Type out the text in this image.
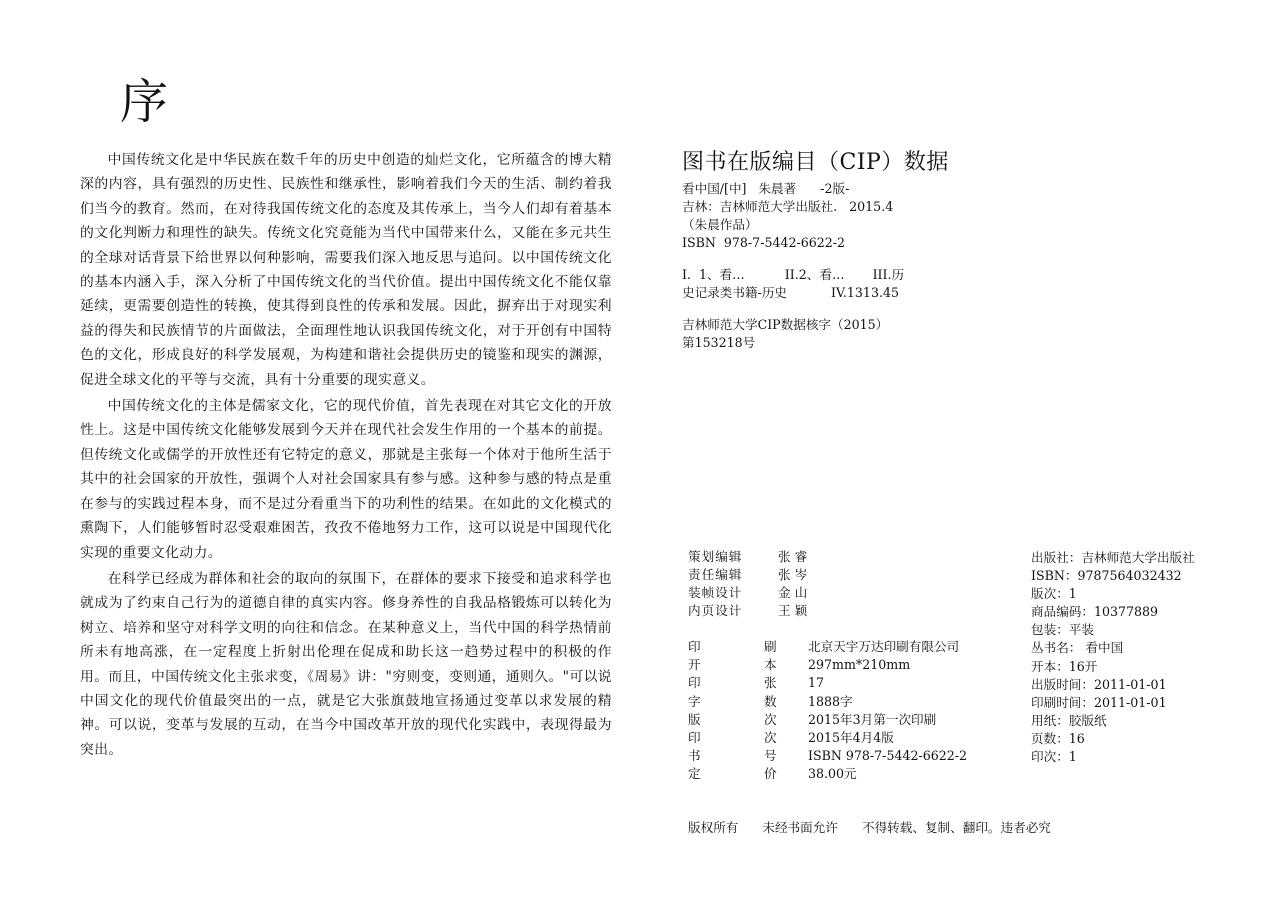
序

中国传统文化是中华民族在数千年的历史中创造的灿烂文化，它所蕴含的博大精深的内容，具有强烈的历史性、民族性和继承性，影响着我们今天的生活、制约着我们当今的教育。然而，在对待我国传统文化的态度及其传承上，当今人们却有着基本的文化判断力和理性的缺失。传统文化究竟能为当代中国带来什么，又能在多元共生的全球对话背景下给世界以何种影响，需要我们深入地反思与追问。以中国传统文化的基本内涵入手，深入分析了中国传统文化的当代价值。提出中国传统文化不能仅靠延续，更需要创造性的转换，使其得到良性的传承和发展。因此，摒弃出于对现实利益的得失和民族情节的片面做法，全面理性地认识我国传统文化，对于开创有中国特色的文化，形成良好的科学发展观，为构建和谐社会提供历史的镜鉴和现实的渊源，促进全球文化的平等与交流，具有十分重要的现实意义。

中国传统文化的主体是儒家文化，它的现代价值，首先表现在对其它文化的开放性上。这是中国传统文化能够发展到今天并在现代社会发生作用的一个基本的前提。但传统文化或儒学的开放性还有它特定的意义，那就是主张每一个体对于他所生活于其中的社会国家的开放性，强调个人对社会国家具有参与感。这种参与感的特点是重在参与的实践过程本身，而不是过分看重当下的功利性的结果。在如此的文化模式的熏陶下，人们能够暂时忍受艰难困苦，孜孜不倦地努力工作，这可以说是中国现代化实现的重要文化动力。

在科学已经成为群体和社会的取向的氛围下，在群体的要求下接受和追求科学也就成为了约束自己行为的道德自律的真实内容。修身养性的自我品格锻炼可以转化为树立、培养和坚守对科学文明的向往和信念。在某种意义上，当代中国的科学热情前所未有地高涨，在一定程度上折射出伦理在促成和助长这一趋势过程中的积极的作用。而且，中国传统文化主张求变，《周易》讲："穷则变，变则通，通则久。"可以说中国文化的现代价值最突出的一点，就是它大张旗鼓地宣扬通过变革以求发展的精神。可以说，变革与发展的互动，在当今中国改革开放的现代化实践中，表现得最为突出。

图书在版编目（CIP）数据
看中国/[中]   朱晨著      -2版-
吉林：吉林师范大学出版社.   2015.4
（朱晨作品）
ISBN  978-7-5442-6622-2
I.  1、看…          II.2、看…       III.历
史记录类书籍-历史           IV.1313.45
吉林师范大学CIP数据核字（2015）
第153218号
策划编辑	张 睿
责任编辑	张 岑
装帧设计	金 山
内页设计	王 颖
印	刷	北京天宇万达印刷有限公司
开	本	297mm*210mm
印	张	17
字	数	1888字
版	次	2015年3月第一次印刷
印	次	2015年4月4版
书	号	ISBN 978-7-5442-6622-2
定	价	38.00元
出版社：吉林师范大学出版社
ISBN：9787564032432
版次：1
商品编码：10377889
包装：平装
丛书名： 看中国
开本：16开
出版时间：2011-01-01
印刷时间：2011-01-01
用纸：胶版纸
页数：16
印次：1
版权所有 未经书面允许 不得转载、复制、翻印。违者必究
